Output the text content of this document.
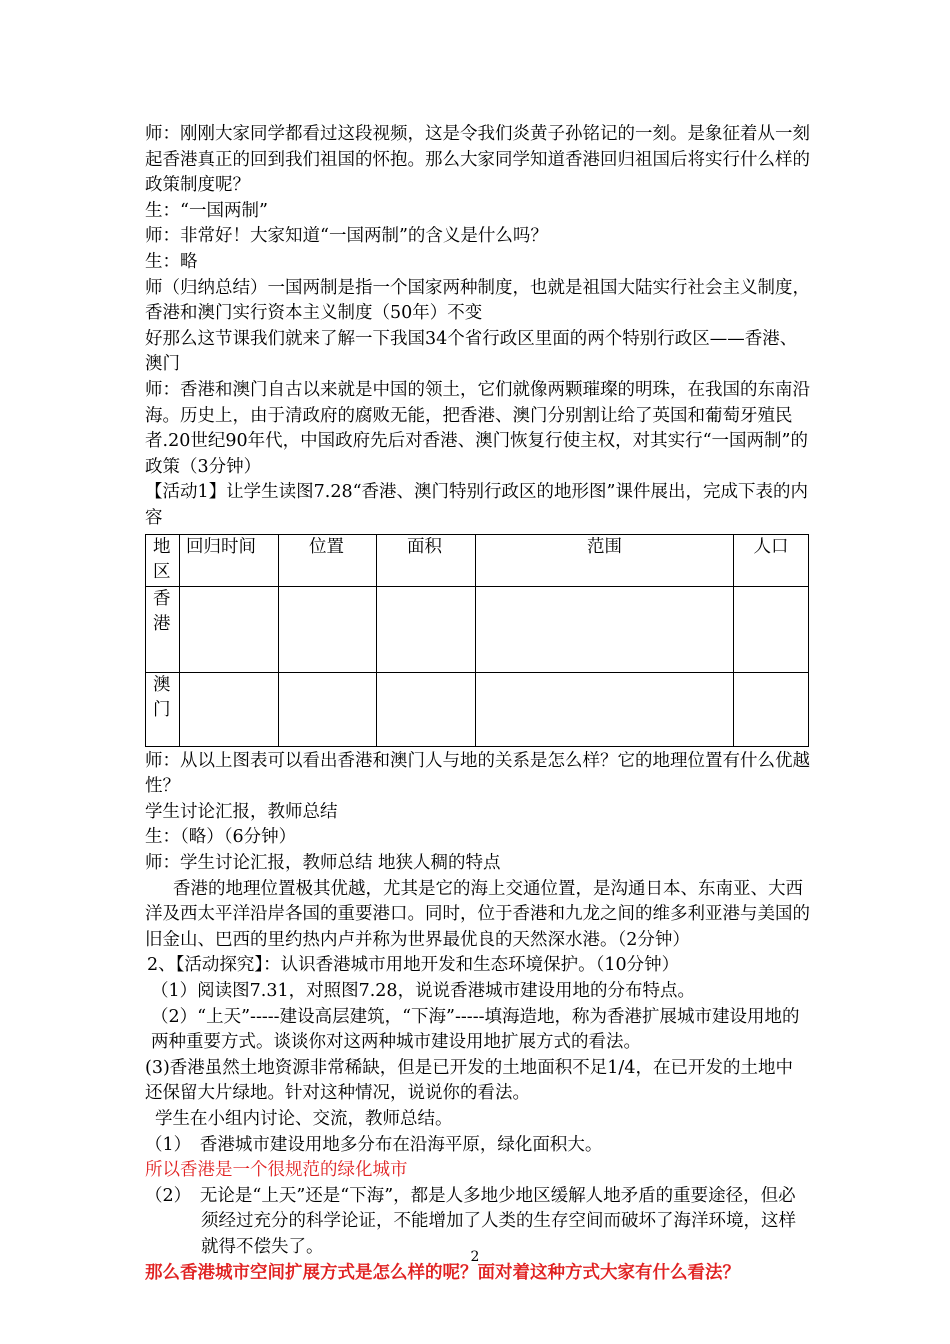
师：刚刚大家同学都看过这段视频，这是令我们炎黄子孙铭记的一刻。是象征着从一刻起香港真正的回到我们祖国的怀抱。那么大家同学知道香港回归祖国后将实行什么样的政策制度呢？

生：“一国两制”

师：非常好！大家知道“一国两制”的含义是什么吗？

生：略

师（归纳总结）一国两制是指一个国家两种制度，也就是祖国大陆实行社会主义制度，香港和澳门实行资本主义制度（50年）不变

好那么这节课我们就来了解一下我国34个省行政区里面的两个特别行政区——香港、澳门

师：香港和澳门自古以来就是中国的领土，它们就像两颗璀璨的明珠，在我国的东南沿海。历史上，由于清政府的腐败无能，把香港、澳门分别割让给了英国和葡萄牙殖民者.20世纪90年代，中国政府先后对香港、澳门恢复行使主权，对其实行“一国两制”的政策（3分钟）

【活动1】让学生读图7.28“香港、澳门特别行政区的地形图”课件展出，完成下表的内容

地区	回归时间	位置	面积	范围	人口
香港					
澳门					

师：从以上图表可以看出香港和澳门人与地的关系是怎么样？它的地理位置有什么优越性？

学生讨论汇报，教师总结

生：（略）（6分钟）

师：学生讨论汇报，教师总结 地狭人稠的特点

香港的地理位置极其优越，尤其是它的海上交通位置，是沟通日本、东南亚、大西洋及西太平洋沿岸各国的重要港口。同时，位于香港和九龙之间的维多利亚港与美国的旧金山、巴西的里约热内卢并称为世界最优良的天然深水港。（2分钟）

2、【活动探究】：认识香港城市用地开发和生态环境保护。（10分钟）

（1）阅读图7.31，对照图7.28，说说香港城市建设用地的分布特点。

（2）“上天”-----建设高层建筑，“下海”-----填海造地，称为香港扩展城市建设用地的两种重要方式。谈谈你对这两种城市建设用地扩展方式的看法。

(3)香港虽然土地资源非常稀缺，但是已开发的土地面积不足1/4，在已开发的土地中还保留大片绿地。针对这种情况，说说你的看法。

学生在小组内讨论、交流，教师总结。

（1）　香港城市建设用地多分布在沿海平原，绿化面积大。

所以香港是一个很规范的绿化城市

（2）　无论是“上天”还是“下海”，都是人多地少地区缓解人地矛盾的重要途径，但必须经过充分的科学论证，不能增加了人类的生存空间而破坏了海洋环境，这样就得不偿失了。

那么香港城市空间扩展方式是怎么样的呢？面对着这种方式大家有什么看法？

2
